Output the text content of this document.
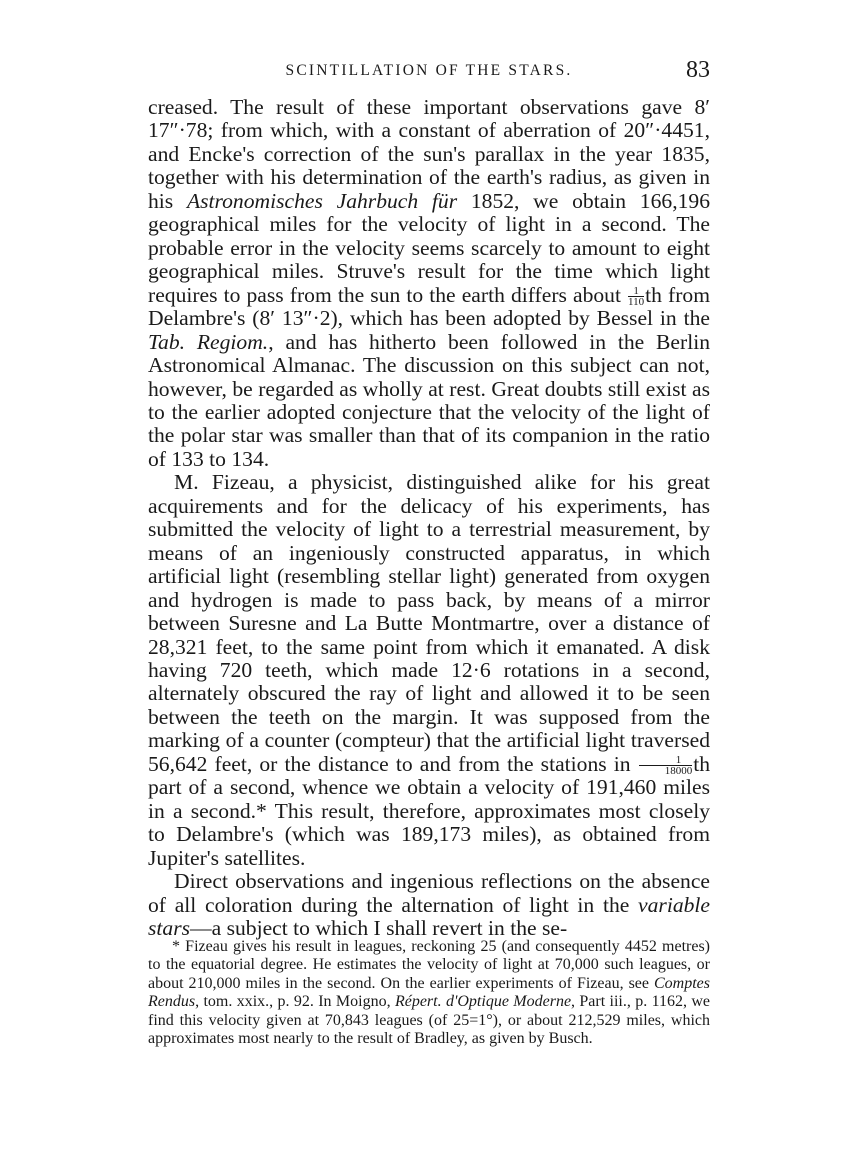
SCINTILLATION OF THE STARS.	83

creased. The result of these important observations gave 8′ 17″·78; from which, with a constant of aberration of 20″·4451, and Encke's correction of the sun's parallax in the year 1835, together with his determination of the earth's radius, as given in his Astronomisches Jahrbuch für 1852, we obtain 166,196 geographical miles for the velocity of light in a second. The probable error in the velocity seems scarcely to amount to eight geographical miles. Struve's result for the time which light requires to pass from the sun to the earth differs about $\frac{1}{110}$ th from Delambre's (8′ 13″·2), which has been adopted by Bessel in the Tab. Regiom., and has hitherto been followed in the Berlin Astronomical Almanac. The discussion on this subject can not, however, be regarded as wholly at rest. Great doubts still exist as to the earlier adopted conjecture that the velocity of the light of the polar star was smaller than that of its companion in the ratio of 133 to 134.

M. Fizeau, a physicist, distinguished alike for his great acquirements and for the delicacy of his experiments, has submitted the velocity of light to a terrestrial measurement, by means of an ingeniously constructed apparatus, in which artificial light (resembling stellar light) generated from oxygen and hydrogen is made to pass back, by means of a mirror between Suresne and La Butte Montmartre, over a distance of 28,321 feet, to the same point from which it emanated. A disk having 720 teeth, which made 12·6 rotations in a second, alternately obscured the ray of light and allowed it to be seen between the teeth on the margin. It was supposed from the marking of a counter (compteur) that the artificial light traversed 56,642 feet, or the distance to and from the stations in $\frac{1}{18000}$ th part of a second, whence we obtain a velocity of 191,460 miles in a second.* This result, therefore, approximates most closely to Delambre's (which was 189,173 miles), as obtained from Jupiter's satellites.

Direct observations and ingenious reflections on the absence of all coloration during the alternation of light in the variable stars—a subject to which I shall revert in the se-

* Fizeau gives his result in leagues, reckoning 25 (and consequently 4452 metres) to the equatorial degree. He estimates the velocity of light at 70,000 such leagues, or about 210,000 miles in the second. On the earlier experiments of Fizeau, see Comptes Rendus, tom. xxix., p. 92. In Moigno, Répert. d'Optique Moderne, Part iii., p. 1162, we find this velocity given at 70,843 leagues (of 25=1°), or about 212,529 miles, which approximates most nearly to the result of Bradley, as given by Busch.
